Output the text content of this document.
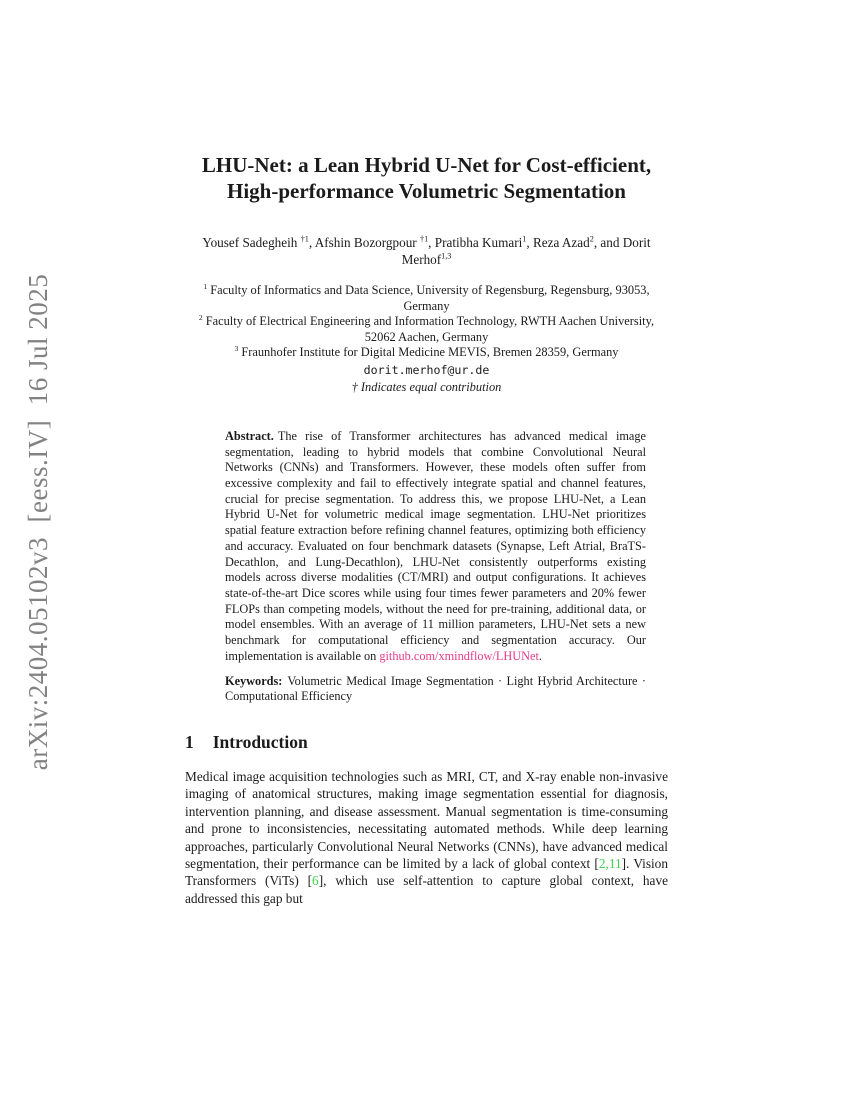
arXiv:2404.05102v3  [eess.IV]  16 Jul 2025
LHU-Net: a Lean Hybrid U-Net for Cost-efficient,
High-performance Volumetric Segmentation
Yousef Sadegheih $^{\dagger 1}$, Afshin Bozorgpour $^{\dagger 1}$, Pratibha Kumari$^1$, Reza Azad$^2$, and Dorit Merhof$^{1,3}$
$^1$ Faculty of Informatics and Data Science, University of Regensburg, Regensburg, 93053, Germany
$^2$ Faculty of Electrical Engineering and Information Technology, RWTH Aachen University, 52062 Aachen, Germany
$^3$ Fraunhofer Institute for Digital Medicine MEVIS, Bremen 28359, Germany
dorit.merhof@ur.de
† Indicates equal contribution

Abstract. The rise of Transformer architectures has advanced medical image segmentation, leading to hybrid models that combine Convolutional Neural Networks (CNNs) and Transformers. However, these models often suffer from excessive complexity and fail to effectively integrate spatial and channel features, crucial for precise segmentation. To address this, we propose LHU-Net, a Lean Hybrid U-Net for volumetric medical image segmentation. LHU-Net prioritizes spatial feature extraction before refining channel features, optimizing both efficiency and accuracy. Evaluated on four benchmark datasets (Synapse, Left Atrial, BraTS-Decathlon, and Lung-Decathlon), LHU-Net consistently outperforms existing models across diverse modalities (CT/MRI) and output configurations. It achieves state-of-the-art Dice scores while using four times fewer parameters and 20% fewer FLOPs than competing models, without the need for pre-training, additional data, or model ensembles. With an average of 11 million parameters, LHU-Net sets a new benchmark for computational efficiency and segmentation accuracy. Our implementation is available on github.com/xmindflow/LHUNet.

Keywords: Volumetric Medical Image Segmentation · Light Hybrid Architecture · Computational Efficiency

1 Introduction

Medical image acquisition technologies such as MRI, CT, and X-ray enable non-invasive imaging of anatomical structures, making image segmentation essential for diagnosis, intervention planning, and disease assessment. Manual segmentation is time-consuming and prone to inconsistencies, necessitating automated methods. While deep learning approaches, particularly Convolutional Neural Networks (CNNs), have advanced medical segmentation, their performance can be limited by a lack of global context [2,11]. Vision Transformers (ViTs) [6], which use self-attention to capture global context, have addressed this gap but
